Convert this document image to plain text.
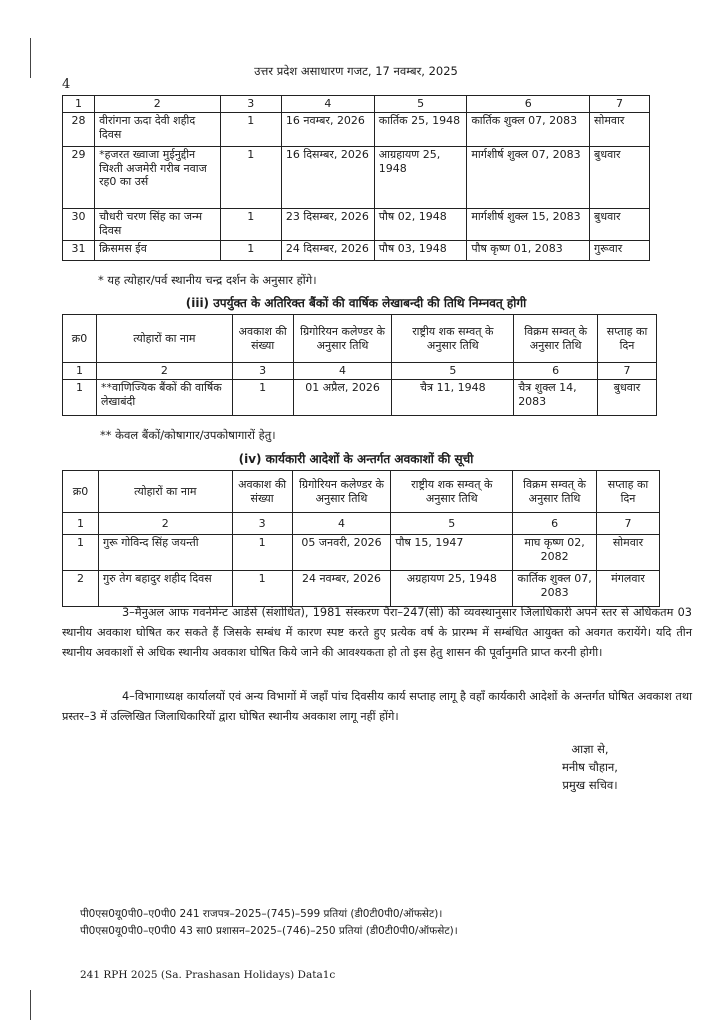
4
उत्तर प्रदेश असाधारण गजट, 17 नवम्बर, 2025
1	2	3	4	5	6	7
28	वीरांगना ऊदा देवी शहीद दिवस	1	16 नवम्बर, 2026	कार्तिक 25, 1948	कार्तिक शुक्ल 07, 2083	सोमवार
29	*हजरत ख्वाजा मुईनुद्दीन चिश्ती अजमेरी गरीब नवाज रह0 का उर्स	1	16 दिसम्बर, 2026	आग्रहायण 25, 1948	मार्गशीर्ष शुक्ल 07, 2083	बुधवार
30	चौधरी चरण सिंह का जन्म दिवस	1	23 दिसम्बर, 2026	पौष 02, 1948	मार्गशीर्ष शुक्ल 15, 2083	बुधवार
31	क्रिसमस ईव	1	24 दिसम्बर, 2026	पौष 03, 1948	पौष कृष्ण 01, 2083	गुरूवार
* यह त्योहार/पर्व स्थानीय चन्द्र दर्शन के अनुसार होंगे।
(iii) उपर्युक्त के अतिरिक्त बैंकों की वार्षिक लेखाबन्दी की तिथि निम्नवत् होगी
क्र0	त्योहारों का नाम	अवकाश की संख्या	ग्रिगोरियन कलेण्डर के अनुसार तिथि	राष्ट्रीय शक सम्वत् के अनुसार तिथि	विक्रम सम्वत् के अनुसार तिथि	सप्ताह का दिन
1	2	3	4	5	6	7
1	**वाणिज्यिक बैंकों की वार्षिक लेखाबंदी	1	01 अप्रैल, 2026	चैत्र 11, 1948	चैत्र शुक्ल 14, 2083	बुधवार
** केवल बैंकों/कोषागार/उपकोषागारों हेतु।
(iv) कार्यकारी आदेशों के अन्तर्गत अवकाशों की सूची
क्र0	त्योहारों का नाम	अवकाश की संख्या	ग्रिगोरियन कलेण्डर के अनुसार तिथि	राष्ट्रीय शक सम्वत् के अनुसार तिथि	विक्रम सम्वत् के अनुसार तिथि	सप्ताह का दिन
1	2	3	4	5	6	7
1	गुरू गोविन्द सिंह जयन्ती	1	05 जनवरी, 2026	पौष 15, 1947	माघ कृष्ण 02, 2082	सोमवार
2	गुरु तेग बहादुर शहीद दिवस	1	24 नवम्बर, 2026	अग्रहायण 25, 1948	कार्तिक शुक्ल 07, 2083	मंगलवार
3–मैनुअल आफ गवर्नमेन्ट आर्डर्स (संशोधित), 1981 संस्करण पैरा–247(सी) की व्यवस्थानुसार जिलाधिकारी अपने स्तर से अधिकतम 03 स्थानीय अवकाश घोषित कर सकते हैं जिसके सम्बंध में कारण स्पष्ट करते हुए प्रत्येक वर्ष के प्रारम्भ में सम्बंधित आयुक्त को अवगत करायेंगे। यदि तीन स्थानीय अवकाशों से अधिक स्थानीय अवकाश घोषित किये जाने की आवश्यकता हो तो इस हेतु शासन की पूर्वानुमति प्राप्त करनी होगी।
4–विभागाध्यक्ष कार्यालयों एवं अन्य विभागों में जहाँ पांच दिवसीय कार्य सप्ताह लागू है वहाँ कार्यकारी आदेशों के अन्तर्गत घोषित अवकाश तथा प्रस्तर–3 में उल्लिखित जिलाधिकारियों द्वारा घोषित स्थानीय अवकाश लागू नहीं होंगे।
आज्ञा से,
मनीष चौहान,
प्रमुख सचिव।
पी0एस0यू0पी0–ए0पी0 241 राजपत्र–2025–(745)–599 प्रतियां (डी0टी0पी0/ऑफसेट)।
पी0एस0यू0पी0–ए0पी0 43 सा0 प्रशासन–2025–(746)–250 प्रतियां (डी0टी0पी0/ऑफसेट)।
241 RPH 2025 (Sa. Prashasan Holidays) Data1c
